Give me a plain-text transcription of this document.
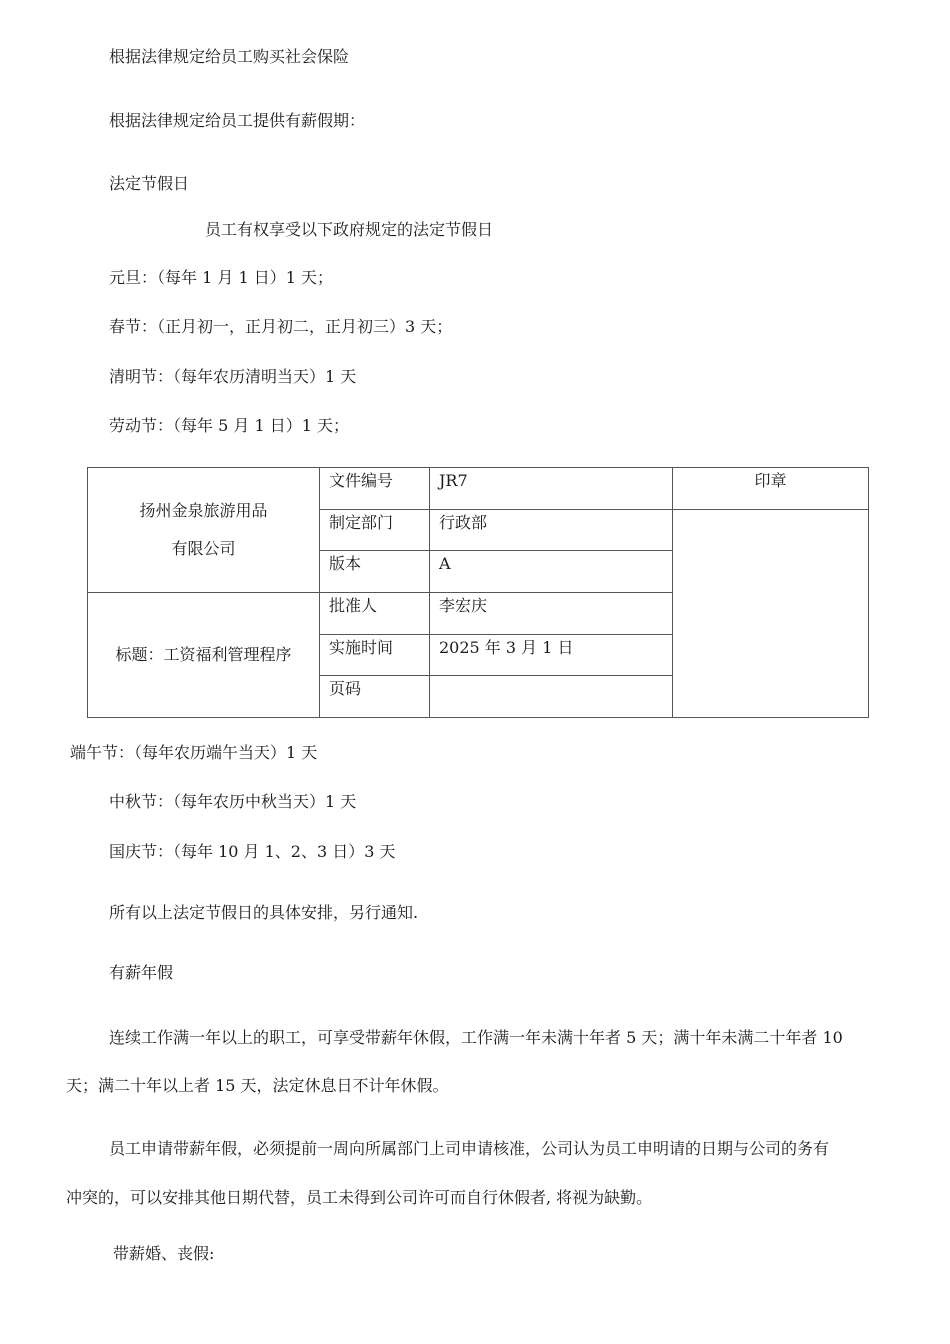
根据法律规定给员工购买社会保险
根据法律规定给员工提供有薪假期：
法定节假日
员工有权享受以下政府规定的法定节假日
元旦：（每年 1 月 1 日）1 天；
春节：（正月初一，正月初二，正月初三）3 天；
清明节：（每年农历清明当天）1 天
劳动节：（每年 5 月 1 日）1 天；
扬州金泉旅游用品
有限公司	文件编号	JR7	印章
	制定部门	行政部	
	版本	A	
标题：工资福利管理程序	批准人	李宏庆	
	实施时间	2025 年 3 月 1 日	
	页码		
端午节：（每年农历端午当天）1 天
中秋节：（每年农历中秋当天）1 天
国庆节：（每年 10 月 1、2、3 日）3 天
所有以上法定节假日的具体安排，另行通知.
有薪年假
连续工作满一年以上的职工，可享受带薪年休假，工作满一年未满十年者 5 天；满十年未满二十年者 10
天；满二十年以上者 15 天，法定休息日不计年休假。
员工申请带薪年假，必须提前一周向所属部门上司申请核准，公司认为员工申明请的日期与公司的务有
冲突的，可以安排其他日期代替，员工未得到公司许可而自行休假者, 将视为缺勤。
带薪婚、丧假:
